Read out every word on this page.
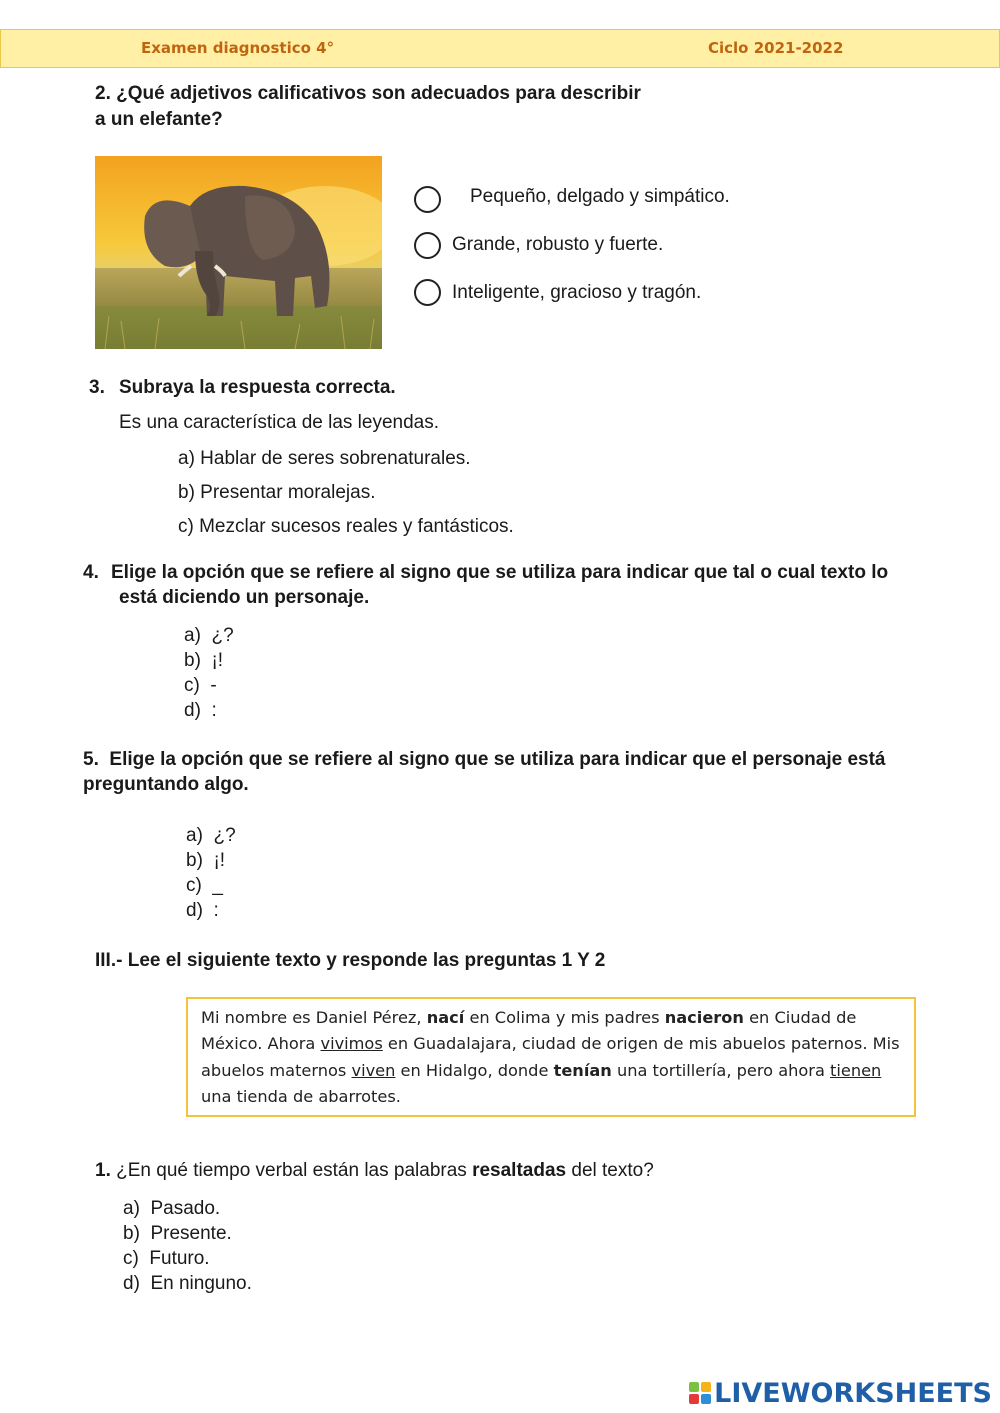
Examen diagnostico 4°	Ciclo 2021-2022
2. ¿Qué adjetivos calificativos son adecuados para describir
a un elefante?
Pequeño, delgado y simpático.
Grande, robusto y fuerte.
Inteligente, gracioso y tragón.
3. Subraya la respuesta correcta.
Es una característica de las leyendas.
a) Hablar de seres sobrenaturales.
b) Presentar moralejas.
c) Mezclar sucesos reales y fantásticos.
4. Elige la opción que se refiere al signo que se utiliza para indicar que tal o cual texto lo
está diciendo un personaje.
a) ¿?
b) ¡!
c) -
d) :
5.  Elige la opción que se refiere al signo que se utiliza para indicar que el personaje está
preguntando algo.
a) ¿?
b) ¡!
c) _
d) :
III.- Lee el siguiente texto y responde las preguntas 1 Y 2

Mi nombre es Daniel Pérez, nací en Colima y mis padres nacieron en Ciudad de México. Ahora vivimos en Guadalajara, ciudad de origen de mis abuelos paternos. Mis abuelos maternos viven en Hidalgo, donde tenían una tortillería, pero ahora tienen una tienda de abarrotes.

1. ¿En qué tiempo verbal están las palabras resaltadas del texto?
a) Pasado.
b) Presente.
c) Futuro.
d) En ninguno.
LIVEWORKSHEETS
